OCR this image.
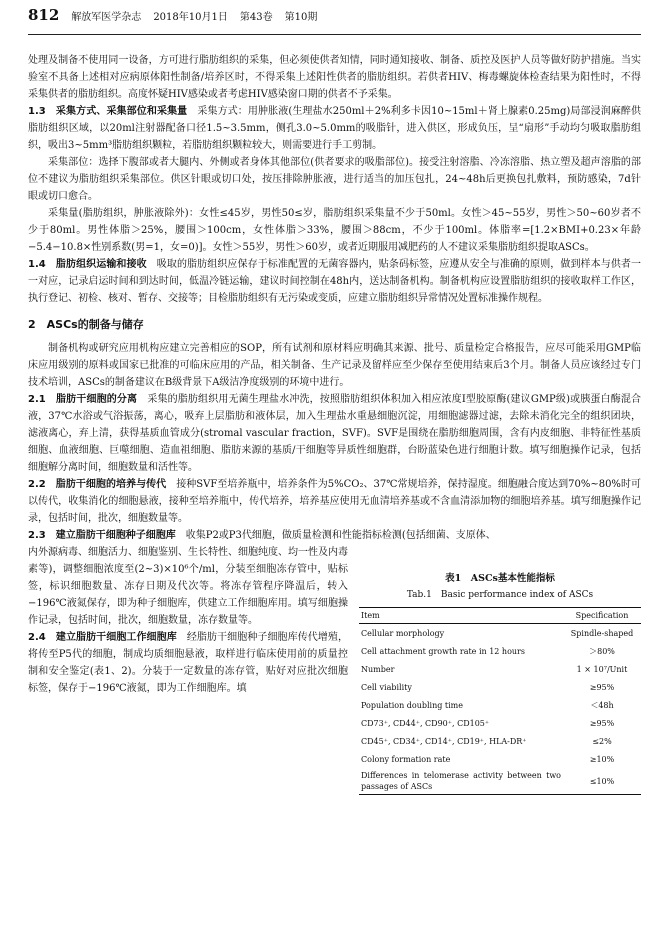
812 解放军医学杂志 2018年10月1日 第43卷 第10期

处理及制备不使用同一设备，方可进行脂肪组织的采集，但必须使供者知情，同时通知接收、制备、质控及医护人员等做好防护措施。当实验室不具备上述相对应病原体阳性制备/培养区时，不得采集上述阳性供者的脂肪组织。若供者HIV、梅毒螺旋体检查结果为阳性时，不得采集供者的脂肪组织。高度怀疑HIV感染或者考虑HIV感染窗口期的供者不予采集。

1.3　采集方式、采集部位和采集量　采集方式：用肿胀液(生理盐水250ml＋2%利多卡因10~15ml＋肾上腺素0.25mg)局部浸润麻醉供脂肪组织区域，以20ml注射器配备口径1.5~3.5mm，侧孔3.0~5.0mm的吸脂针，进入供区，形成负压，呈“扇形”手动均匀吸取脂肪组织，吸出3~5mm³脂肪组织颗粒，若脂肪组织颗粒较大，则需要进行手工剪制。

采集部位：选择下腹部或者大腿内、外侧或者身体其他部位(供者要求的吸脂部位)。接受注射溶脂、冷冻溶脂、热立塑及超声溶脂的部位不建议为脂肪组织采集部位。供区针眼或切口处，按压排除肿胀液，进行适当的加压包扎，24~48h后更换包扎敷料，预防感染，7d针眼或切口愈合。

采集量(脂肪组织，肿胀液除外)：女性≤45岁，男性50≤岁，脂肪组织采集量不少于50ml。女性＞45~55岁，男性＞50~60岁者不少于80ml。男性体脂＞25%，腰围＞100cm，女性体脂＞33%，腰围＞88cm，不少于100ml。体脂率=[1.2×BMI+0.23×年龄−5.4−10.8×性别系数(男=1，女=0)]。女性＞55岁，男性＞60岁，或者近期服用减肥药的人不建议采集脂肪组织提取ASCs。

1.4　脂肪组织运输和接收　吸取的脂肪组织应保存于标准配置的无菌容器内，贴条码标签，应遵从安全与准确的原则，做到样本与供者一一对应，记录启运时间和到达时间，低温冷链运输，建议时间控制在48h内，送达制备机构。制备机构应设置脂肪组织的接收取样工作区，执行登记、初检、核对、暂存、交接等；目检脂肪组织有无污染或变质，应建立脂肪组织异常情况处置标准操作规程。

2　ASCs的制备与储存

制备机构或研究应用机构应建立完善相应的SOP，所有试剂和原材料应明确其来源、批号、质量检定合格报告，应尽可能采用GMP临床应用级别的原料或国家已批准的可临床应用的产品，相关制备、生产记录及留样应至少保存至使用结束后3个月。制备人员应该经过专门技术培训，ASCs的制备建议在B级背景下A级洁净度级别的环境中进行。

2.1　脂肪干细胞的分离　采集的脂肪组织用无菌生理盐水冲洗，按照脂肪组织体积加入相应浓度Ⅰ型胶原酶(建议GMP级)或胰蛋白酶混合液，37℃水浴或气浴振荡，离心，吸弃上层脂肪和液体层，加入生理盐水重悬细胞沉淀，用细胞滤器过滤，去除未消化完全的组织团块，滤液离心，弃上清，获得基质血管成分(stromal vascular fraction，SVF)。SVF是围绕在脂肪细胞周围，含有内皮细胞、非特征性基质细胞、血液细胞、巨噬细胞、造血祖细胞、脂肪来源的基质/干细胞等异质性细胞群，台盼蓝染色进行细胞计数。填写细胞操作记录，包括细胞解分离时间，细胞数量和活性等。

2.2　脂肪干细胞的培养与传代　接种SVF至培养瓶中，培养条件为5%CO₂、37℃常规培养，保持湿度。细胞融合度达到70%~80%时可以传代，收集消化的细胞悬液，接种至培养瓶中，传代培养，培养基应使用无血清培养基或不含血清添加物的细胞培养基。填写细胞操作记录，包括时间，批次，细胞数量等。

2.3　建立脂肪干细胞种子细胞库　收集P2或P3代细胞，做质量检测和性能指标检测(包括细菌、支原体、

内外源病毒、细胞活力、细胞鉴别、生长特性、细胞纯度、均一性及内毒素等)，调整细胞浓度至(2~3)×10⁶个/ml，分装至细胞冻存管中，贴标签，标识细胞数量、冻存日期及代次等。将冻存管程序降温后，转入−196℃液氮保存，即为种子细胞库，供建立工作细胞库用。填写细胞操作记录，包括时间，批次，细胞数量，冻存数量等。

2.4　建立脂肪干细胞工作细胞库　经脂肪干细胞种子细胞库传代增殖，将传至P5代的细胞，制成均质细胞悬液，取样进行临床使用前的质量控制和安全鉴定(表1、2)。分装于一定数量的冻存管，贴好对应批次细胞标签，保存于−196℃液氮，即为工作细胞库。填

表1　ASCs基本性能指标
Tab.1　Basic performance index of ASCs
Item	Specification
Cellular morphology	Spindle-shaped
Cell attachment growth rate in 12 hours	＞80%
Number	1 × 10⁷/Unit
Cell viability	≥95%
Population doubling time	＜48h
CD73⁺, CD44⁺, CD90⁺, CD105⁺	≥95%
CD45⁺, CD34⁺, CD14⁺, CD19⁺, HLA-DR⁺	≤2%
Colony formation rate	≥10%
Differences in telomerase activity between two passages of ASCs	≤10%
